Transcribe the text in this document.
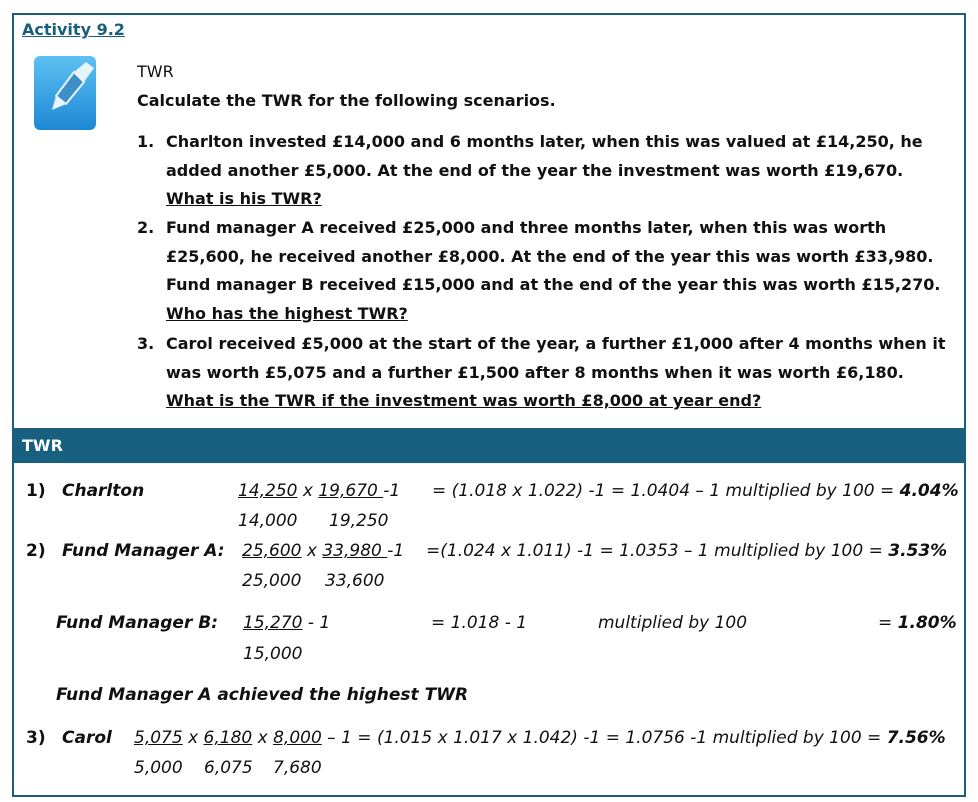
Activity 9.2
TWR
Calculate the TWR for the following scenarios.
1. Charlton invested £14,000 and 6 months later, when this was valued at £14,250, he added another £5,000. At the end of the year the investment was worth £19,670.
What is his TWR?
2. Fund manager A received £25,000 and three months later, when this was worth £25,600, he received another £8,000. At the end of the year this was worth £33,980. Fund manager B received £15,000 and at the end of the year this was worth £15,270.
Who has the highest TWR?
3. Carol received £5,000 at the start of the year, a further £1,000 after 4 months when it was worth £5,075 and a further £1,500 after 8 months when it was worth £6,180.
What is the TWR if the investment was worth £8,000 at year end?
TWR
1) Charlton	14,250 x 19,670 -1 = (1.018 x 1.022) -1 = 1.0404 – 1 multiplied by 100 = 4.04%
14,000 19,250
2) Fund Manager A: 25,600 x 33,980 -1 =(1.024 x 1.011) -1 = 1.0353 – 1 multiplied by 100 = 3.53%
25,000 33,600
Fund Manager B: 15,270 - 1	= 1.018 - 1	multiplied by 100	= 1.80%
15,000
Fund Manager A achieved the highest TWR
3) Carol 5,075 x 6,180 x 8,000 – 1 = (1.015 x 1.017 x 1.042) -1 = 1.0756 -1 multiplied by 100 = 7.56%
5,000 6,075 7,680
